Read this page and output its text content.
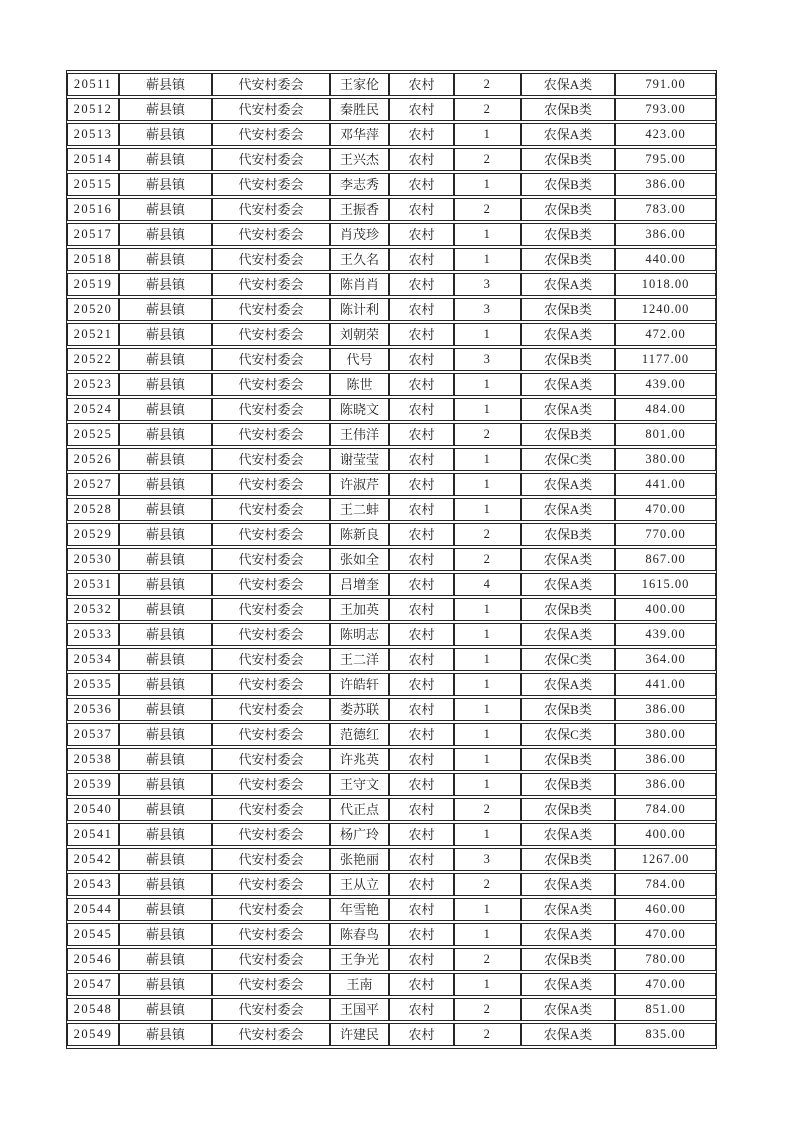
20511	蕲县镇	代安村委会	王家伦	农村	2	农保A类	791.00
20512	蕲县镇	代安村委会	秦胜民	农村	2	农保B类	793.00
20513	蕲县镇	代安村委会	邓华萍	农村	1	农保A类	423.00
20514	蕲县镇	代安村委会	王兴杰	农村	2	农保B类	795.00
20515	蕲县镇	代安村委会	李志秀	农村	1	农保B类	386.00
20516	蕲县镇	代安村委会	王振香	农村	2	农保B类	783.00
20517	蕲县镇	代安村委会	肖茂珍	农村	1	农保B类	386.00
20518	蕲县镇	代安村委会	王久名	农村	1	农保B类	440.00
20519	蕲县镇	代安村委会	陈肖肖	农村	3	农保A类	1018.00
20520	蕲县镇	代安村委会	陈计利	农村	3	农保B类	1240.00
20521	蕲县镇	代安村委会	刘朝荣	农村	1	农保A类	472.00
20522	蕲县镇	代安村委会	代号	农村	3	农保B类	1177.00
20523	蕲县镇	代安村委会	陈世	农村	1	农保A类	439.00
20524	蕲县镇	代安村委会	陈晓文	农村	1	农保A类	484.00
20525	蕲县镇	代安村委会	王伟洋	农村	2	农保B类	801.00
20526	蕲县镇	代安村委会	谢莹莹	农村	1	农保C类	380.00
20527	蕲县镇	代安村委会	许淑芹	农村	1	农保A类	441.00
20528	蕲县镇	代安村委会	王二蚌	农村	1	农保A类	470.00
20529	蕲县镇	代安村委会	陈新良	农村	2	农保B类	770.00
20530	蕲县镇	代安村委会	张如全	农村	2	农保A类	867.00
20531	蕲县镇	代安村委会	吕增奎	农村	4	农保A类	1615.00
20532	蕲县镇	代安村委会	王加英	农村	1	农保B类	400.00
20533	蕲县镇	代安村委会	陈明志	农村	1	农保A类	439.00
20534	蕲县镇	代安村委会	王二洋	农村	1	农保C类	364.00
20535	蕲县镇	代安村委会	许皓轩	农村	1	农保A类	441.00
20536	蕲县镇	代安村委会	娄苏联	农村	1	农保B类	386.00
20537	蕲县镇	代安村委会	范德红	农村	1	农保C类	380.00
20538	蕲县镇	代安村委会	许兆英	农村	1	农保B类	386.00
20539	蕲县镇	代安村委会	王守文	农村	1	农保B类	386.00
20540	蕲县镇	代安村委会	代正点	农村	2	农保B类	784.00
20541	蕲县镇	代安村委会	杨广玲	农村	1	农保A类	400.00
20542	蕲县镇	代安村委会	张艳丽	农村	3	农保B类	1267.00
20543	蕲县镇	代安村委会	王从立	农村	2	农保A类	784.00
20544	蕲县镇	代安村委会	年雪艳	农村	1	农保A类	460.00
20545	蕲县镇	代安村委会	陈春鸟	农村	1	农保A类	470.00
20546	蕲县镇	代安村委会	王争光	农村	2	农保B类	780.00
20547	蕲县镇	代安村委会	王南	农村	1	农保A类	470.00
20548	蕲县镇	代安村委会	王国平	农村	2	农保A类	851.00
20549	蕲县镇	代安村委会	许建民	农村	2	农保A类	835.00
